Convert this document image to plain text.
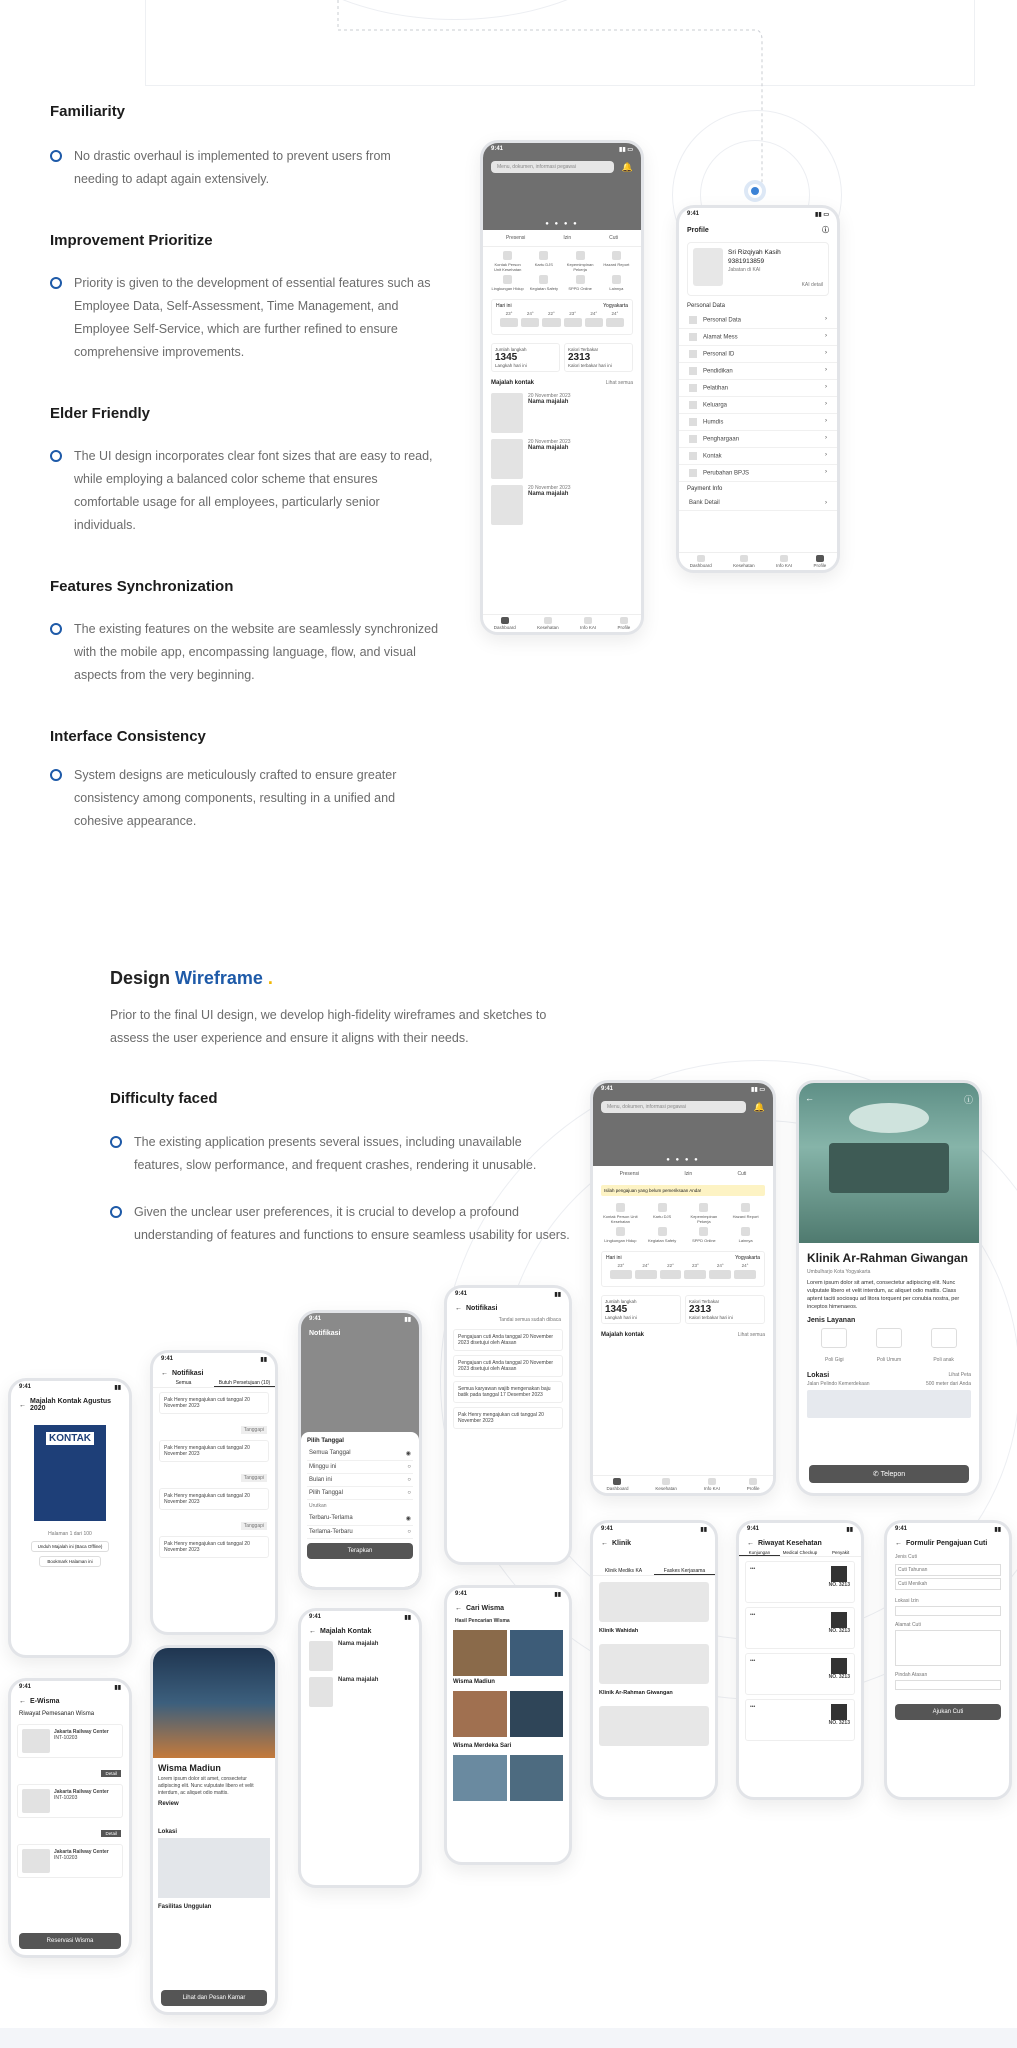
Familiarity

No drastic overhaul is implemented to prevent users from needing to adapt again extensively.

Improvement Prioritize

Priority is given to the development of essential features such as Employee Data, Self-Assessment, Time Management, and Employee Self-Service, which are further refined to ensure comprehensive improvements.

Elder Friendly

The UI design incorporates clear font sizes that are easy to read, while employing a balanced color scheme that ensures comfortable usage for all employees, particularly senior individuals.

Features Synchronization

The existing features on the website are seamlessly synchronized with the mobile app, encompassing language, flow, and visual aspects from the very beginning.

Interface Consistency

System designs are meticulously crafted to ensure greater consistency among components, resulting in a unified and cohesive appearance.

9:41	▮▮ ▭
Menu, dokumen, informasi pegawai	🔔
● ● ● ●
Presensi	Izin	Cuti
Kontak Person Unit Kesehatan
Kartu DJS	Kepemimpinan Pekerja
Hazard Report
Lingkungan Hidup	Kegiatan Safety	SPPD Online	Lainnya
Hari ini	Yogyakarta
23°	24°	22°	23°	24°	24°
Jumlah langkah
1345
Langkah hari ini
Kalori Terbakar
2313
Kalori terbakar hari ini
Majalah kontak	Lihat semua
20 November 2023
Nama majalah
20 November 2023
Nama majalah
20 November 2023
Nama majalah
Dashboard	Kesehatan	Info KAI	Profile
9:41	▮▮ ▭
Profile	ⓘ
Sri Rizqiyah Kasih
9381913859
Jabatan di KAI
KAI detail
Personal Data
Personal Data	›
Alamat Mess	›
Personal ID	›
Pendidikan	›
Pelatihan	›
Keluarga	›
Humdis	›
Penghargaan	›
Kontak	›
Perubahan BPJS	›
Payment Info
Bank Detail	›
Dashboard	Kesehatan	Info KAI	Profile
Design Wireframe .

Prior to the final UI design, we develop high-fidelity wireframes and sketches to assess the user experience and ensure it aligns with their needs.

Difficulty faced

The existing application presents several issues, including unavailable features, slow performance, and frequent crashes, rendering it unusable.

Given the unclear user preferences, it is crucial to develop a profound understanding of features and functions to ensure seamless usability for users.

9:41	▮▮ ▭
Menu, dokumen, informasi pegawai	🔔
● ● ● ●
Presensi	Izin	Cuti
Isilah pengajuan yang belum pemeriksaan Anda!
Kontak Person Unit Kesehatan
Kartu DJS	Kepemimpinan Pekerja
Hazard Report
Lingkungan Hidup	Kegiatan Safety	SPPD Online	Lainnya
Hari ini	Yogyakarta
23°	24°	22°	23°	24°	24°
Jumlah langkah
1345
Langkah hari ini
Kalori Terbakar
2313
Kalori terbakar hari ini
Majalah kontak	Lihat semua
Dashboard	Kesehatan	Info KAI	Profile
←	ⓘ
Klinik Ar-Rahman Giwangan
Umbulharjo Kota Yogyakarta
Lorem ipsum dolor sit amet, consectetur adipiscing elit. Nunc vulputate libero et velit interdum, ac aliquet odio mattis. Class aptent taciti sociosqu ad litora torquent per conubia nostra, per inceptos himenaeos.
Jenis Layanan
Poli Gigi	Poli Umum	Poli anak
Lokasi	Lihat Peta
Jalan Pelindo Kemerdekaan	500 meter dari Anda
✆ Telepon
9:41	▮▮
← Majalah Kontak Agustus 2020
KONTAK
Halaman 1 dari 100
Unduh Majalah ini (Baca Offline)
Bookmark Halaman ini
9:41	▮▮
← Notifikasi
Semua	Butuh Persetujuan (10)
Pak Henry mengajukan cuti tanggal 20 November 2023
Tanggapi
Pak Henry mengajukan cuti tanggal 20 November 2023
Tanggapi
Pak Henry mengajukan cuti tanggal 20 November 2023
Tanggapi
Pak Henry mengajukan cuti tanggal 20 November 2023
9:41	▮▮
Notifikasi
Pilih Tanggal
Semua Tanggal	◉
Minggu ini	○
Bulan ini	○
Pilih Tanggal	○
Urutkan
Terbaru-Terlama	◉
Terlama-Terbaru	○
Terapkan
9:41	▮▮
← Notifikasi
Tandai semua sudah dibaca
Pengajuan cuti Anda tanggal 20 November 2023 disetujui oleh Atasan
Pengajuan cuti Anda tanggal 20 November 2023 disetujui oleh Atasan
Semua karyawan wajib mengenakan baju batik pada tanggal 17 Desember 2023
Pak Henry mengajukan cuti tanggal 20 November 2023
9:41	▮▮
← Majalah Kontak
Nama majalah
Nama majalah
Wisma Madiun
Lorem ipsum dolor sit amet, consectetur adipiscing elit. Nunc vulputate libero et velit interdum, ac aliquet odio mattis.
Review
Lokasi
Fasilitas Unggulan
Lihat dan Pesan Kamar
9:41	▮▮
← Cari Wisma
Hasil Pencarian Wisma
Wisma Madiun
Wisma Merdeka Sari
9:41	▮▮
← E-Wisma
Riwayat Pemesanan Wisma
Jakarta Railway Center
INT-10203
Detail
Jakarta Railway Center
INT-10203
Detail
Jakarta Railway Center
INT-10203
Reservasi Wisma
9:41	▮▮
← Klinik
Klinik Mediks KA	Faskes Kerjasama
Klinik Wahidah
Klinik Ar-Rahman Giwangan
9:41	▮▮
← Riwayat Kesehatan
Kunjungan	Medical Checkup	Penyakit
•••
NO. 3213
•••
NO. 3213
•••
NO. 3213
•••
NO. 3213
9:41	▮▮
← Formulir Pengajuan Cuti
Jenis Cuti
Cuti Tahunan
Cuti Menikah
Lokasi Izin
Alamat Cuti
Pindah Atasan
Ajukan Cuti
